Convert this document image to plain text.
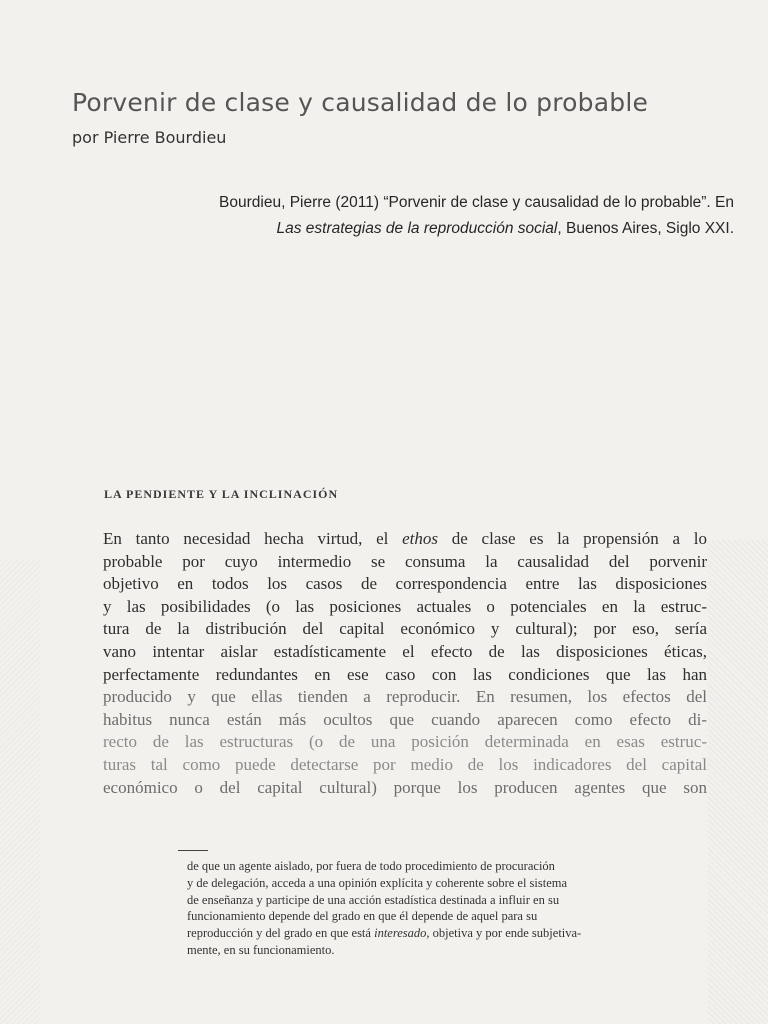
Porvenir de clase y causalidad de lo probable
por Pierre Bourdieu
Bourdieu, Pierre (2011) “Porvenir de clase y causalidad de lo probable”. En
Las estrategias de la reproducción social, Buenos Aires, Siglo XXI.
LA PENDIENTE Y LA INCLINACIÓN
En tanto necesidad hecha virtud, el ethos de clase es la propensión a lo
probable por cuyo intermedio se consuma la causalidad del porvenir
objetivo en todos los casos de correspondencia entre las disposiciones
y las posibilidades (o las posiciones actuales o potenciales en la estruc-
tura de la distribución del capital económico y cultural); por eso, sería
vano intentar aislar estadísticamente el efecto de las disposiciones éticas,
perfectamente redundantes en ese caso con las condiciones que las han
producido y que ellas tienden a reproducir. En resumen, los efectos del
habitus nunca están más ocultos que cuando aparecen como efecto di-
recto de las estructuras (o de una posición determinada en esas estruc-
turas tal como puede detectarse por medio de los indicadores del capital
económico o del capital cultural) porque los producen agentes que son
de que un agente aislado, por fuera de todo procedimiento de procuración
y de delegación, acceda a una opinión explícita y coherente sobre el sistema
de enseñanza y participe de una acción estadística destinada a influir en su
funcionamiento depende del grado en que él depende de aquel para su
reproducción y del grado en que está interesado, objetiva y por ende subjetiva-
mente, en su funcionamiento.
